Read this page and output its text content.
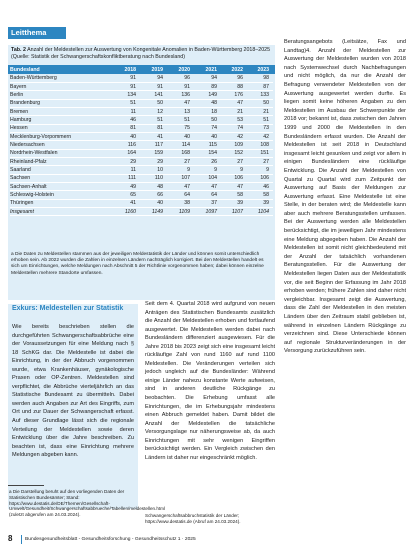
Leitthema
Tab. 2 Anzahl der Meldestellen zur Auswertung von Kongenitale Anomalien in Baden-Württemberg 2018–2025 (Quelle: Statistik der Schwangerschaftskonfliktberatung nach Bundesland)
Bundesland	2018	2019	2020	2021	2022	2023
Baden-Württemberg	91	94	96	94	96	98
Bayern	91	91	91	89	88	87
Berlin	134	141	136	149	176	133
Brandenburg	51	50	47	48	47	50
Bremen	11	12	13	18	21	21
Hamburg	46	51	51	50	53	51
Hessen	81	81	75	74	74	73
Mecklenburg-Vorpommern	40	41	40	40	42	42
Niedersachsen	116	117	114	115	109	108
Nordrhein-Westfalen	164	159	168	154	152	151
Rheinland-Pfalz	29	29	27	26	27	27
Saarland	11	10	9	9	9	9
Sachsen	111	110	107	104	106	106
Sachsen-Anhalt	49	48	47	47	47	46
Schleswig-Holstein	65	66	64	64	58	58
Thüringen	41	40	38	37	39	39
Insgesamt	1160	1149	1109	1097	1107	1104
a Die Daten zu Meldestellen stammen aus der jeweiligen Meldestatistik der Länder und können somit unterschiedlich erhoben sein. Ab 2022 wurden die Zahlen in einzelnen Ländern nachträglich korrigiert. Bei den Meldestellen handelt es sich um Einrichtungen, welche Meldungen nach Abschnitt 5 der Richtlinie vorgenommen haben; dabei können einzelne Meldestellen mehrere Standorte umfassen.

Beratungsangebots (Leitsätze, Fax und Landtag)4. Anzahl der Meldestellen zur Auswertung der Meldestellen wurden von 2018 nach Systemwechsel durch Nachbefragungen und nicht möglich, da nur die Anzahl der Befragung verwendeter Meldestellen von der Auswertung ausgewertet werden durfte. Es liegen somit keine höheren Angaben zu den Meldestellen im Ausbau der Schwerpunkte der 2018 vor; bekannt ist, dass zwischen den Jahren 1999 und 2000 die Meldestellen in den Bundesländern erfasst wurden. Die Anzahl der Meldestellen ist seit 2018 in Deutschland insgesamt leicht gesunken und zeigt vor allem in einigen Bundesländern eine rückläufige Entwicklung. Die Anzahl der Meldestellen von Quartal zu Quartal wird zum Zeitpunkt der Auswertung auf Basis der Meldungen zur Auswertung erfasst. Eine Meldestelle ist eine Stelle, in der beraten wird; die Meldestelle kann aber auch mehrere Beratungsstellen umfassen. Bei der Auswertung werden alle Meldestellen berücksichtigt, die im jeweiligen Jahr mindestens eine Meldung abgegeben haben. Die Anzahl der Meldestellen ist somit nicht gleichbedeutend mit der Anzahl der tatsächlich vorhandenen Beratungsstellen. Für die Auswertung der Meldestellen liegen Daten aus der Meldestatistik vor, die seit Beginn der Erfassung im Jahr 2018 erhoben werden; frühere Zahlen sind daher nicht vergleichbar. Insgesamt zeigt die Auswertung, dass die Zahl der Meldestellen in den meisten Ländern über den Zeitraum stabil geblieben ist, während in einzelnen Ländern Rückgänge zu verzeichnen sind. Diese Unterschiede können auf regionale Strukturveränderungen in der Versorgung zurückzuführen sein.

Exkurs: Meldestellen zur Statistik
Wie bereits beschrieben stellen die durchgeführten Schwangerschaftsabbrüche eine der Voraussetzungen für eine Meldung nach § 18 SchKG dar. Die Meldestelle ist dabei die Einrichtung, in der der Abbruch vorgenommen wurde, etwa Krankenhäuser, gynäkologische Praxen oder OP-Zentren. Meldestellen sind verpflichtet, die Abbrüche vierteljährlich an das Statistische Bundesamt zu übermitteln. Dabei werden auch Angaben zur Art des Eingriffs, zum Ort und zur Dauer der Schwangerschaft erfasst. Auf dieser Grundlage lässt sich die regionale Verteilung der Meldestellen sowie deren Entwicklung über die Jahre beschreiben. Zu beachten ist, dass eine Einrichtung mehrere Meldungen abgeben kann.
Seit dem 4. Quartal 2018 wird aufgrund von neuen Anträgen des Statistischen Bundesamts zusätzlich die Anzahl der Meldestellen erhoben und fortlaufend ausgewertet. Die Meldestellen werden dabei nach Bundesländern differenziert ausgewiesen. Für die Jahre 2018 bis 2023 zeigt sich eine insgesamt leicht rückläufige Zahl von rund 1160 auf rund 1100 Meldestellen. Die Veränderungen verteilen sich jedoch ungleich auf die Bundesländer: Während einige Länder nahezu konstante Werte aufweisen, sind in anderen deutliche Rückgänge zu beobachten. Die Erhebung umfasst alle Einrichtungen, die im Erhebungsjahr mindestens einen Abbruch gemeldet haben. Damit bildet die Anzahl der Meldestellen die tatsächliche Versorgungslage nur näherungsweise ab, da auch Einrichtungen mit sehr wenigen Eingriffen berücksichtigt werden. Ein Vergleich zwischen den Ländern ist daher nur eingeschränkt möglich.
a Die Darstellung beruht auf den vorliegenden Daten der Statistischen Bundesämter; Stand: https://www.destatis.de/DE/Themen/Gesellschaft-Umwelt/Gesundheit/Schwangerschaftsabbrueche/Tabellen/meldestellen.html (zuletzt abgerufen am 24.03.2024).	Schwangerschaftsabbruchstatistik der Länder; https://www.destatis.de (Abruf am 24.03.2024).
8	Bundesgesundheitsblatt - Gesundheitsforschung - Gesundheitsschutz 1 · 2025
